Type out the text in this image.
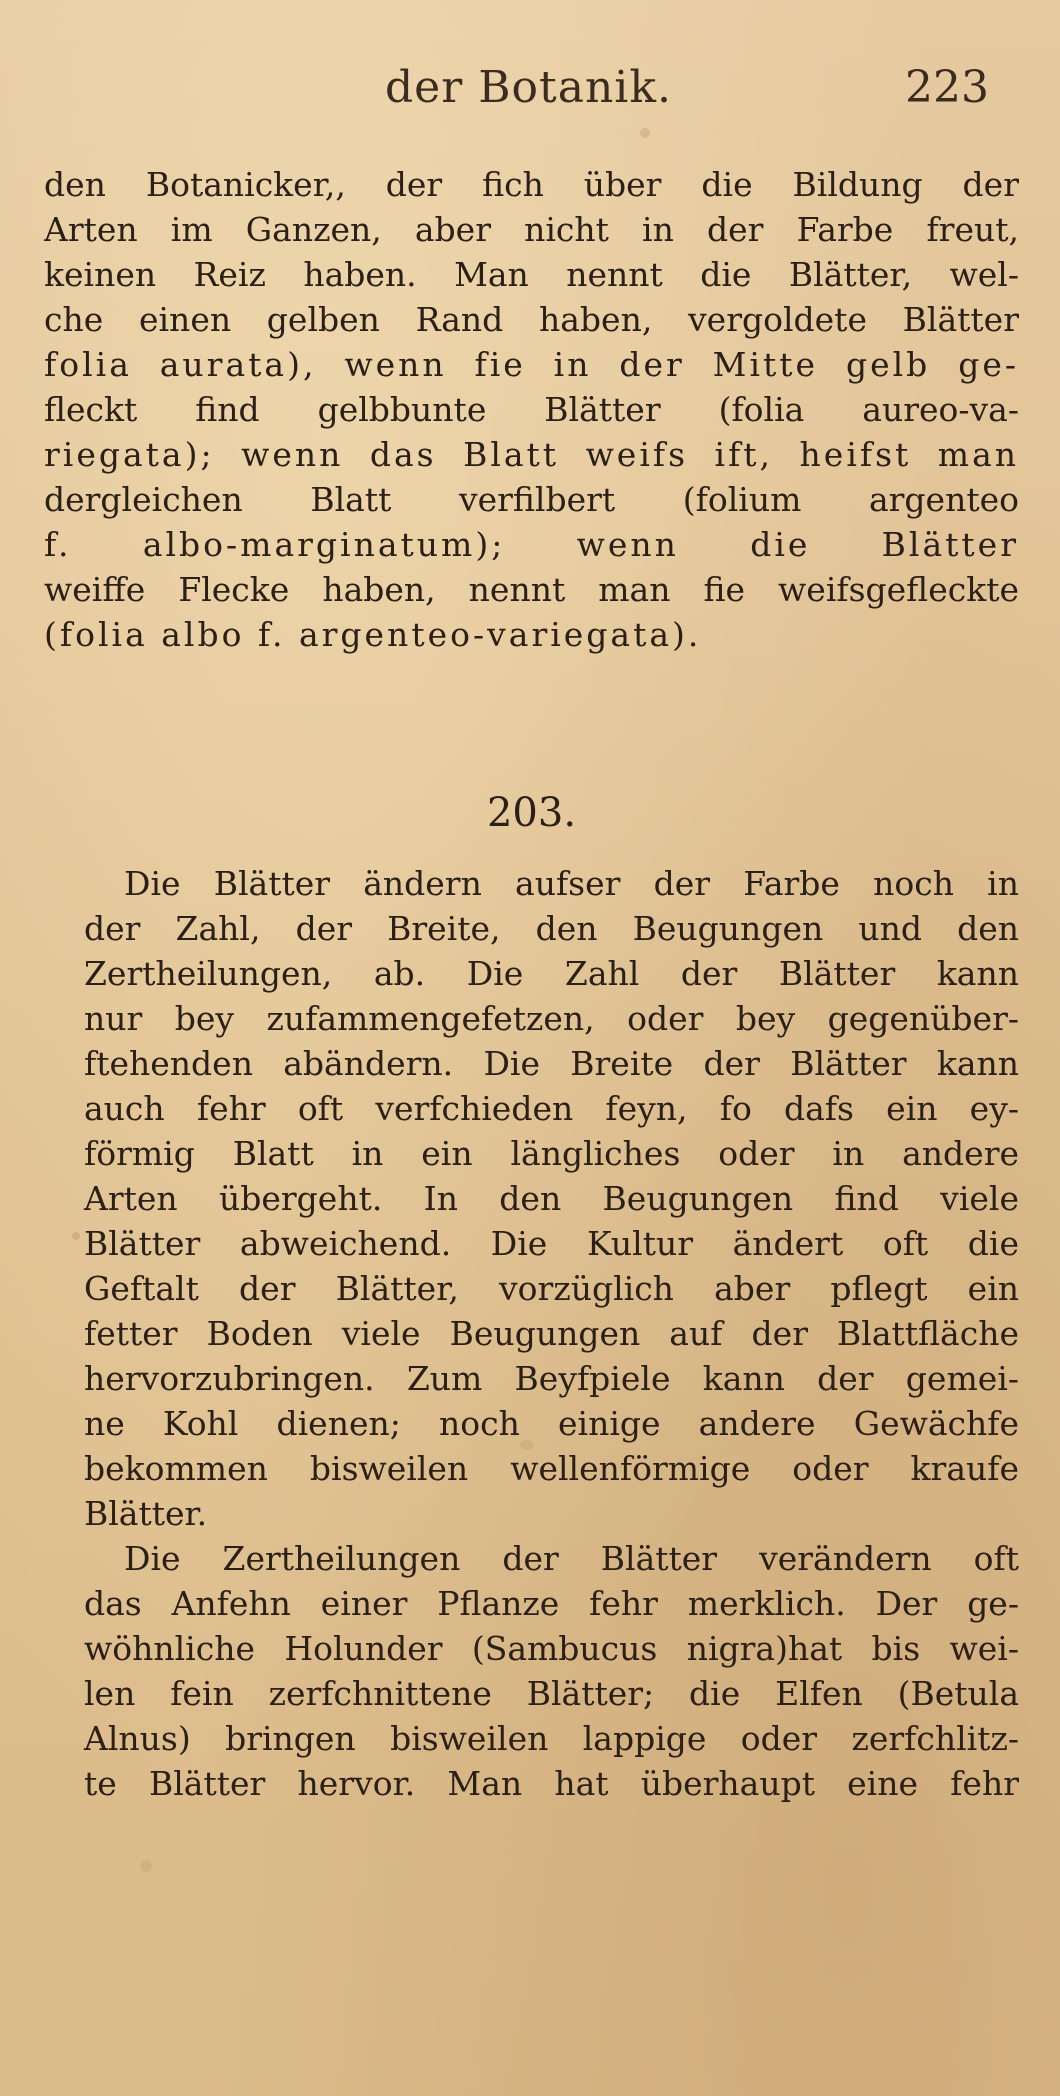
der Botanik.	223
den Botanicker,, der fich über die Bildung der
Arten im Ganzen, aber nicht in der Farbe freut,
keinen Reiz haben. Man nennt die Blätter, wel-
che einen gelben Rand haben, vergoldete Blätter
folia aurata), wenn fie in der Mitte gelb ge-
fleckt find gelbbunte Blätter (folia aureo-va-
riegata); wenn das Blatt weifs ift, heifst man
dergleichen Blatt verfilbert (folium argenteo
f. albo-marginatum); wenn die Blätter
weiffe Flecke haben, nennt man fie weifsgefleckte
(folia albo f. argenteo-variegata).
203.
Die Blätter ändern aufser der Farbe noch in
der Zahl, der Breite, den Beugungen und den
Zertheilungen, ab. Die Zahl der Blätter kann
nur bey zufammengefetzen, oder bey gegenüber-
ftehenden abändern. Die Breite der Blätter kann
auch fehr oft verfchieden feyn, fo dafs ein ey-
förmig Blatt in ein längliches oder in andere
Arten übergeht. In den Beugungen find viele
Blätter abweichend. Die Kultur ändert oft die
Geftalt der Blätter, vorzüglich aber pflegt ein
fetter Boden viele Beugungen auf der Blattfläche
hervorzubringen. Zum Beyfpiele kann der gemei-
ne Kohl dienen; noch einige andere Gewächfe
bekommen bisweilen wellenförmige oder kraufe
Blätter.
Die Zertheilungen der Blätter verändern oft
das Anfehn einer Pflanze fehr merklich. Der ge-
wöhnliche Holunder (Sambucus nigra)hat bis wei-
len fein zerfchnittene Blätter; die Elfen (Betula
Alnus) bringen bisweilen lappige oder zerfchlitz-
te Blätter hervor. Man hat überhaupt eine fehr
